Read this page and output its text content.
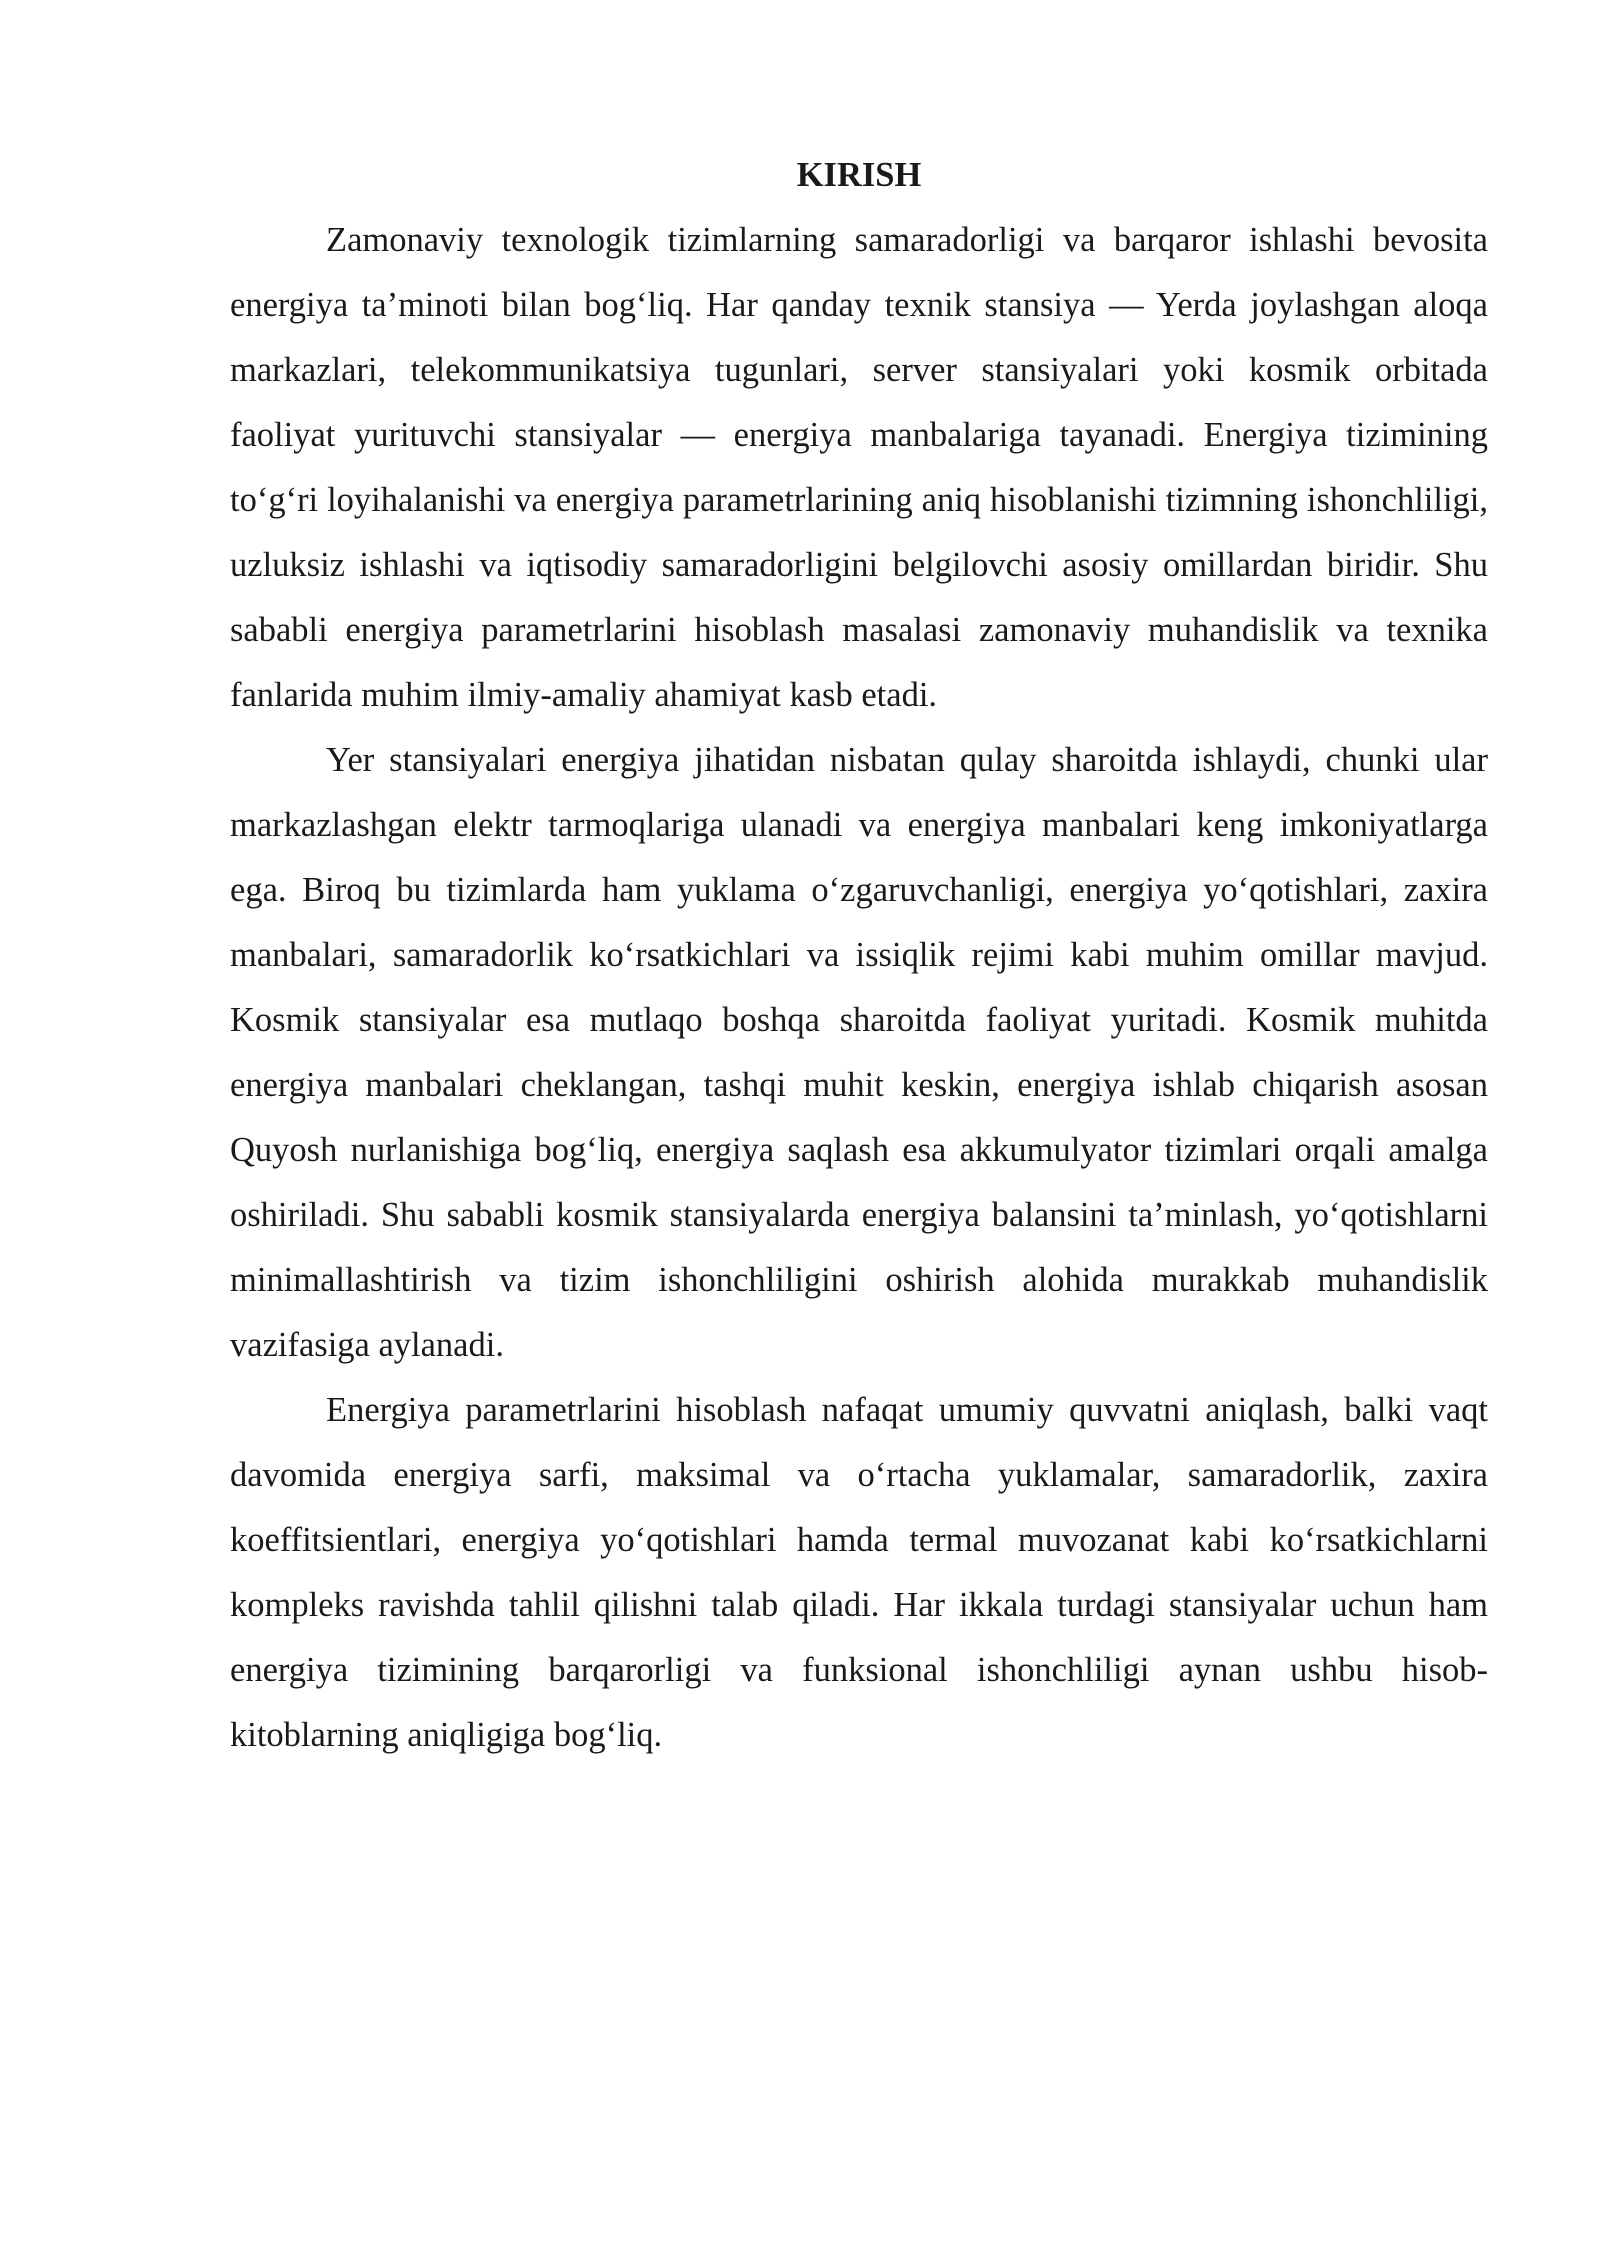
KIRISH

Zamonaviy texnologik tizimlarning samaradorligi va barqaror ishlashi bevosita energiya ta’minoti bilan bog‘liq. Har qanday texnik stansiya — Yerda joylashgan aloqa markazlari, telekommunikatsiya tugunlari, server stansiyalari yoki kosmik orbitada faoliyat yurituvchi stansiyalar — energiya manbalariga tayanadi. Energiya tizimining to‘g‘ri loyihalanishi va energiya parametrlarining aniq hisoblanishi tizimning ishonchliligi, uzluksiz ishlashi va iqtisodiy samaradorligini belgilovchi asosiy omillardan biridir. Shu sababli energiya parametrlarini hisoblash masalasi zamonaviy muhandislik va texnika fanlarida muhim ilmiy-amaliy ahamiyat kasb etadi.

Yer stansiyalari energiya jihatidan nisbatan qulay sharoitda ishlaydi, chunki ular markazlashgan elektr tarmoqlariga ulanadi va energiya manbalari keng imkoniyatlarga ega. Biroq bu tizimlarda ham yuklama o‘zgaruvchanligi, energiya yo‘qotishlari, zaxira manbalari, samaradorlik ko‘rsatkichlari va issiqlik rejimi kabi muhim omillar mavjud. Kosmik stansiyalar esa mutlaqo boshqa sharoitda faoliyat yuritadi. Kosmik muhitda energiya manbalari cheklangan, tashqi muhit keskin, energiya ishlab chiqarish asosan Quyosh nurlanishiga bog‘liq, energiya saqlash esa akkumulyator tizimlari orqali amalga oshiriladi. Shu sababli kosmik stansiyalarda energiya balansini ta’minlash, yo‘qotishlarni minimallashtirish va tizim ishonchliligini oshirish alohida murakkab muhandislik vazifasiga aylanadi.

Energiya parametrlarini hisoblash nafaqat umumiy quvvatni aniqlash, balki vaqt davomida energiya sarfi, maksimal va o‘rtacha yuklamalar, samaradorlik, zaxira koeffitsientlari, energiya yo‘qotishlari hamda termal muvozanat kabi ko‘rsatkichlarni kompleks ravishda tahlil qilishni talab qiladi. Har ikkala turdagi stansiyalar uchun ham energiya tizimining barqarorligi va funksional ishonchliligi aynan ushbu hisob-kitoblarning aniqligiga bog‘liq.
